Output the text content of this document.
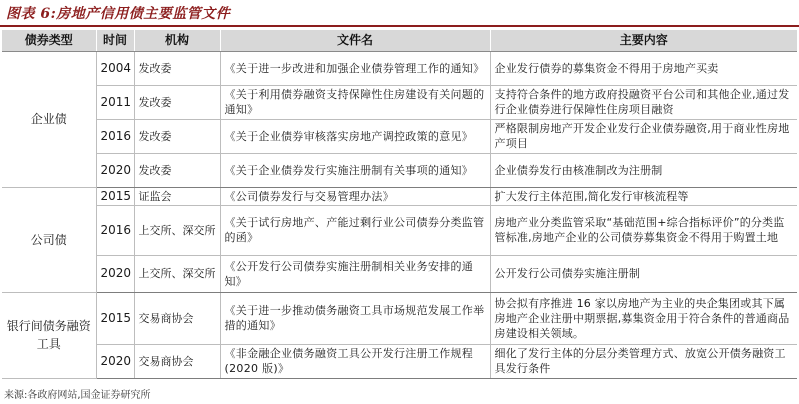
图表 6:房地产信用债主要监管文件
债券类型	时间	机构	文件名	主要内容
企业债	2004	发改委	《关于进一步改进和加强企业债券管理工作的通知》	企业发行债券的募集资金不得用于房地产买卖
	2011	发改委	《关于利用债券融资支持保障性住房建设有关问题的通知》	支持符合条件的地方政府投融资平台公司和其他企业,通过发行企业债券进行保障性住房项目融资
	2016	发改委	《关于企业债券审核落实房地产调控政策的意见》	严格限制房地产开发企业发行企业债券融资,用于商业性房地产项目
	2020	发改委	《关于企业债券发行实施注册制有关事项的通知》	企业债券发行由核准制改为注册制
公司债	2015	证监会	《公司债券发行与交易管理办法》	扩大发行主体范围,简化发行审核流程等
	2016	上交所、深交所	《关于试行房地产、产能过剩行业公司债券分类监管的函》	房地产业分类监管采取“基础范围+综合指标评价”的分类监管标准,房地产企业的公司债券募集资金不得用于购置土地
	2020	上交所、深交所	《公开发行公司债券实施注册制相关业务安排的通知》	公开发行公司债券实施注册制
银行间债务融资工具	2015	交易商协会	《关于进一步推动债务融资工具市场规范发展工作举措的通知》	协会拟有序推进 16 家以房地产为主业的央企集团或其下属房地产企业注册中期票据,募集资金用于符合条件的普通商品房建设相关领域。
	2020	交易商协会	《非金融企业债务融资工具公开发行注册工作规程(2020 版)》	细化了发行主体的分层分类管理方式、放宽公开债务融资工具发行条件
来源:各政府网站,国金证券研究所
